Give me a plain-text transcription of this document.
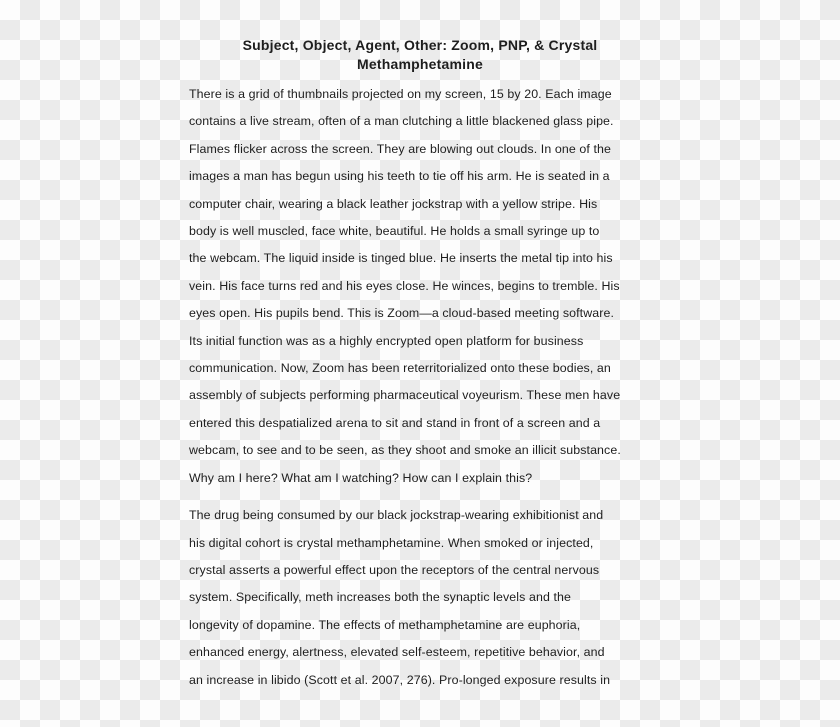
Subject, Object, Agent, Other: Zoom, PNP, & Crystal
Methamphetamine
There is a grid of thumbnails projected on my screen, 15 by 20. Each image
contains a live stream, often of a man clutching a little blackened glass pipe.
Flames flicker across the screen. They are blowing out clouds. In one of the
images a man has begun using his teeth to tie off his arm. He is seated in a
computer chair, wearing a black leather jockstrap with a yellow stripe. His
body is well muscled, face white, beautiful. He holds a small syringe up to
the webcam. The liquid inside is tinged blue. He inserts the metal tip into his
vein. His face turns red and his eyes close. He winces, begins to tremble. His
eyes open. His pupils bend. This is Zoom—a cloud-based meeting software.
Its initial function was as a highly encrypted open platform for business
communication. Now, Zoom has been reterritorialized onto these bodies, an
assembly of subjects performing pharmaceutical voyeurism. These men have
entered this despatialized arena to sit and stand in front of a screen and a
webcam, to see and to be seen, as they shoot and smoke an illicit substance.
Why am I here? What am I watching? How can I explain this?
The drug being consumed by our black jockstrap-wearing exhibitionist and
his digital cohort is crystal methamphetamine. When smoked or injected,
crystal asserts a powerful effect upon the receptors of the central nervous
system. Specifically, meth increases both the synaptic levels and the
longevity of dopamine. The effects of methamphetamine are euphoria,
enhanced energy, alertness, elevated self-esteem, repetitive behavior, and
an increase in libido (Scott et al. 2007, 276). Pro-longed exposure results in
